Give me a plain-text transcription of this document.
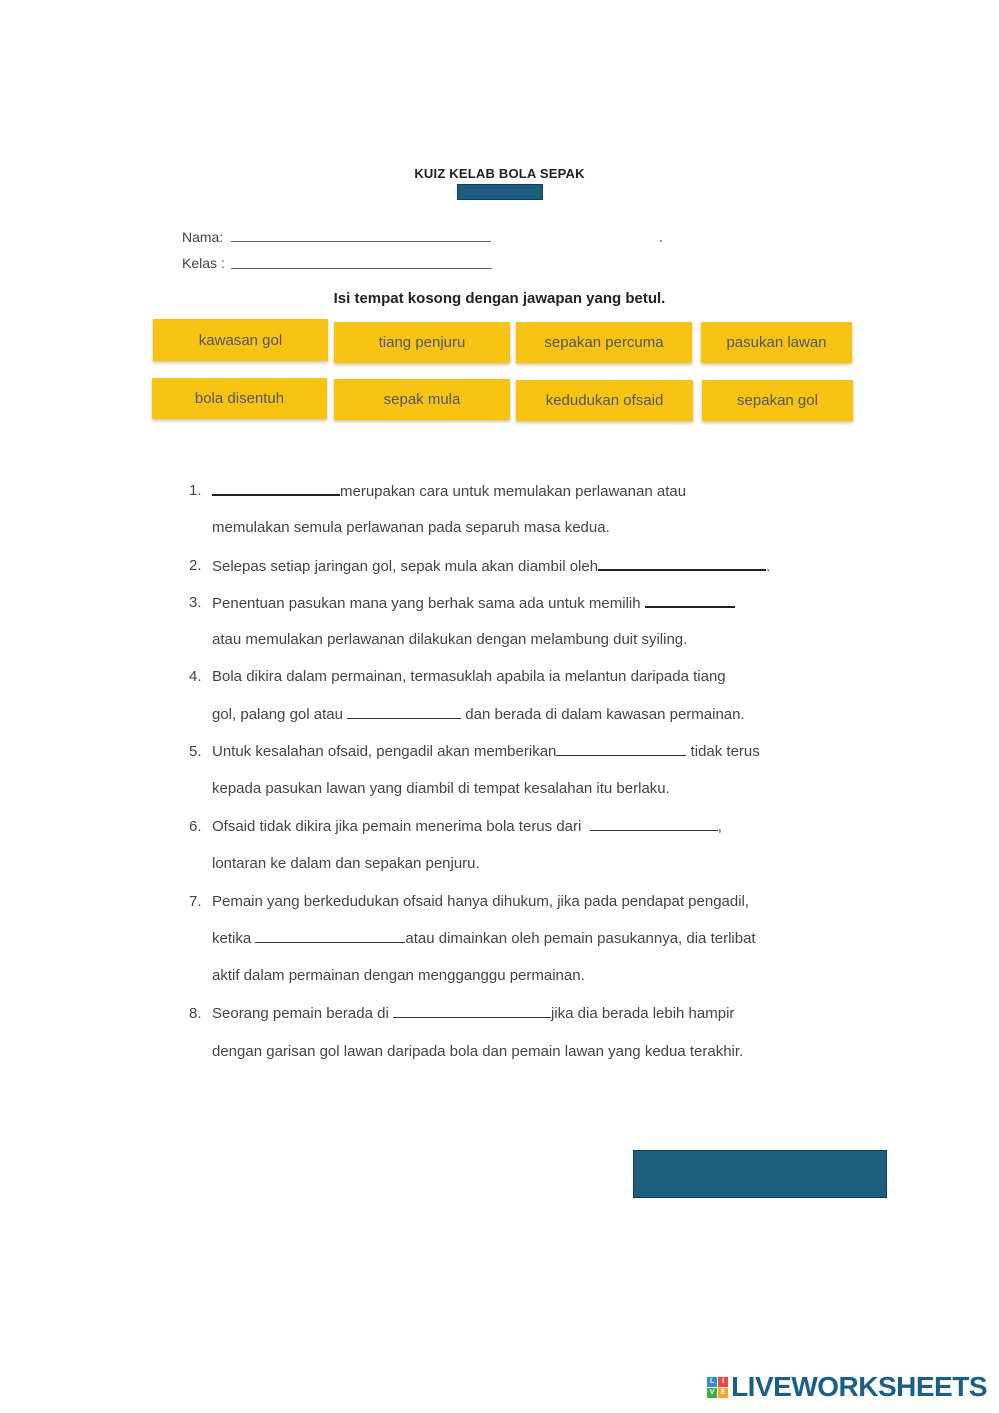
KUIZ KELAB BOLA SEPAK
Nama:
Kelas :
Isi tempat kosong dengan jawapan yang betul.
kawasan gol	tiang penjuru	sepakan percuma	pasukan lawan
bola disentuh	sepak mula	kedudukan ofsaid	sepakan gol
1.	merupakan cara untuk memulakan perlawanan atau
memulakan semula perlawanan pada separuh masa kedua.
2. Selepas setiap jaringan gol, sepak mula akan diambil oleh	.
3. Penentuan pasukan mana yang berhak sama ada untuk memilih
atau memulakan perlawanan dilakukan dengan melambung duit syiling.
4. Bola dikira dalam permainan, termasuklah apabila ia melantun daripada tiang
gol, palang gol atau	dan berada di dalam kawasan permainan.
5. Untuk kesalahan ofsaid, pengadil akan memberikan	tidak terus
kepada pasukan lawan yang diambil di tempat kesalahan itu berlaku.
6. Ofsaid tidak dikira jika pemain menerima bola terus dari	,
lontaran ke dalam dan sepakan penjuru.
7. Pemain yang berkedudukan ofsaid hanya dihukum, jika pada pendapat pengadil,
ketika	atau dimainkan oleh pemain pasukannya, dia terlibat
aktif dalam permainan dengan mengganggu permainan.
8. Seorang pemain berada di	jika dia berada lebih hampir
dengan garisan gol lawan daripada bola dan pemain lawan yang kedua terakhir.
L	I
V E LIVEWORKSHEETS
